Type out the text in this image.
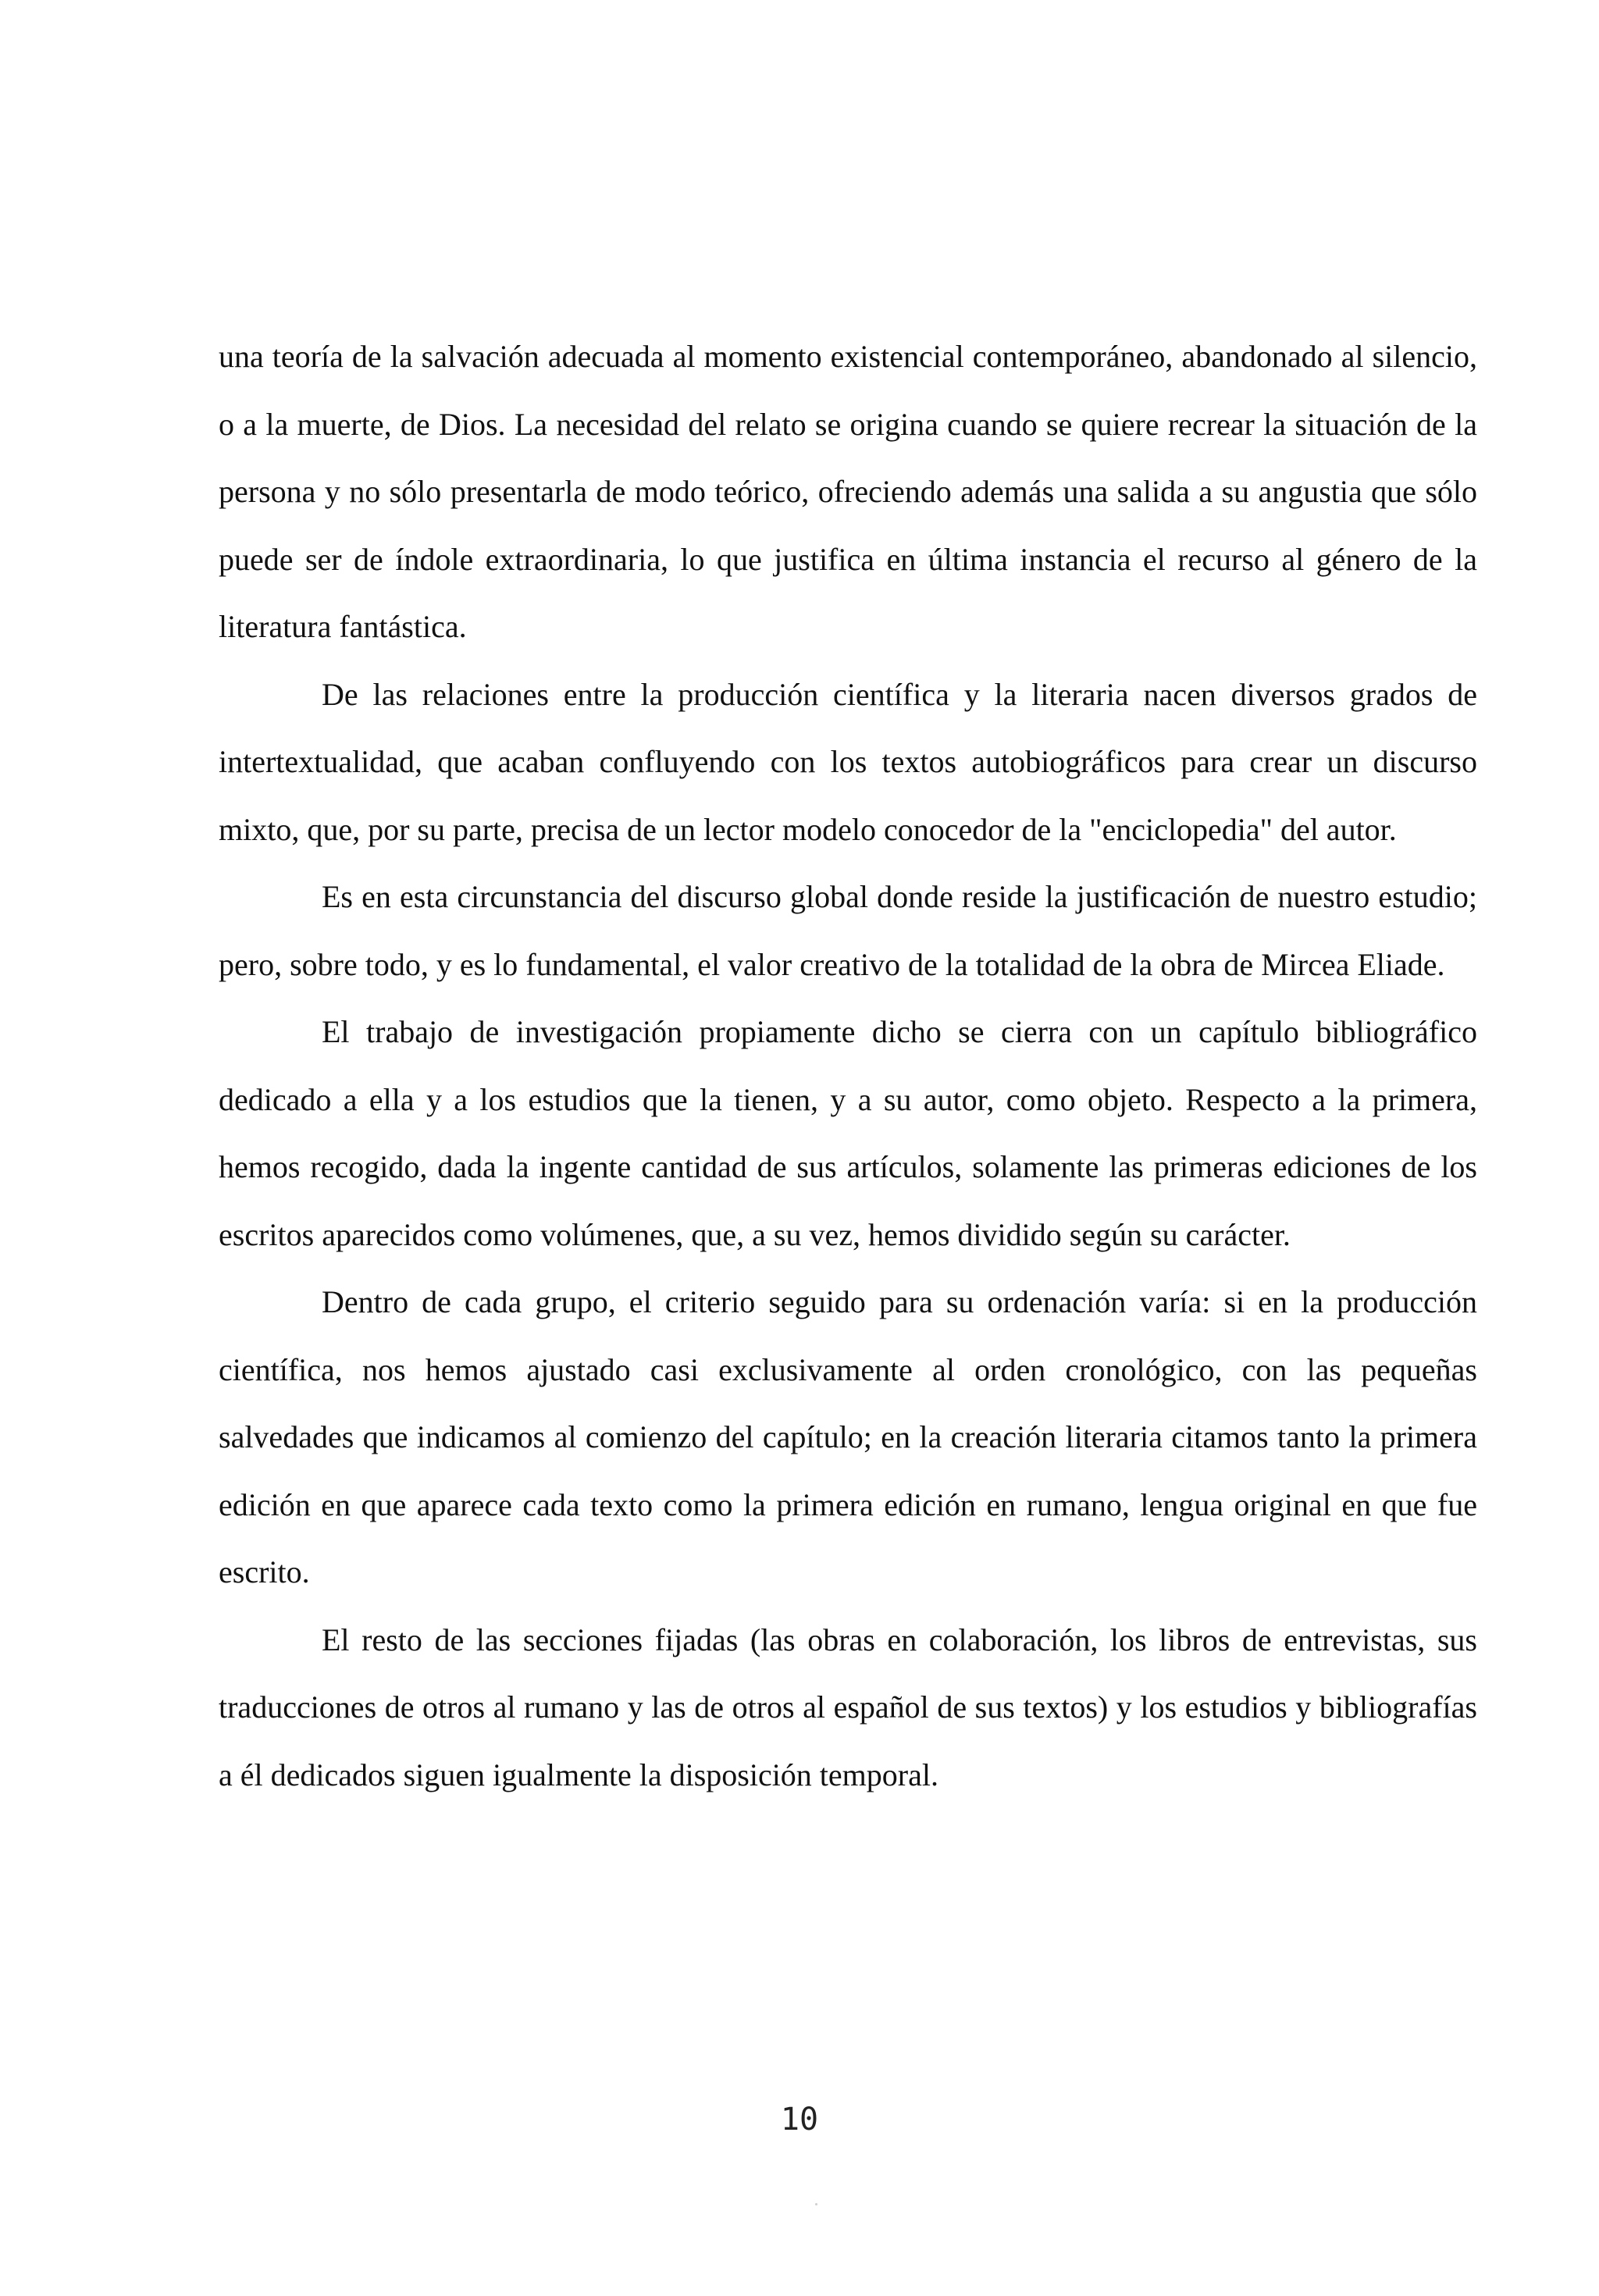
una teoría de la salvación adecuada al momento existencial contemporáneo, abandonado al silencio, o a la muerte, de Dios. La necesidad del relato se origina cuando se quiere recrear la situación de la persona y no sólo presentarla de modo teórico, ofreciendo además una salida a su angustia que sólo puede ser de índole extraordinaria, lo que justifica en última instancia el recurso al género de la literatura fantástica.

De las relaciones entre la producción científica y la literaria nacen diversos grados de intertextualidad, que acaban confluyendo con los textos autobiográficos para crear un discurso mixto, que, por su parte, precisa de un lector modelo conocedor de la "enciclopedia" del autor.

Es en esta circunstancia del discurso global donde reside la justificación de nuestro estudio; pero, sobre todo, y es lo fundamental, el valor creativo de la totalidad de la obra de Mircea Eliade.

El trabajo de investigación propiamente dicho se cierra con un capítulo bibliográfico dedicado a ella y a los estudios que la tienen, y a su autor, como objeto. Respecto a la primera, hemos recogido, dada la ingente cantidad de sus artículos, solamente las primeras ediciones de los escritos aparecidos como volúmenes, que, a su vez, hemos dividido según su carácter.

Dentro de cada grupo, el criterio seguido para su ordenación varía: si en la producción científica, nos hemos ajustado casi exclusivamente al orden cronológico, con las pequeñas salvedades que indicamos al comienzo del capítulo; en la creación literaria citamos tanto la primera edición en que aparece cada texto como la primera edición en rumano, lengua original en que fue escrito.

El resto de las secciones fijadas (las obras en colaboración, los libros de entrevistas, sus traducciones de otros al rumano y las de otros al español de sus textos) y los estudios y bibliografías a él dedicados siguen igualmente la disposición temporal.

10
